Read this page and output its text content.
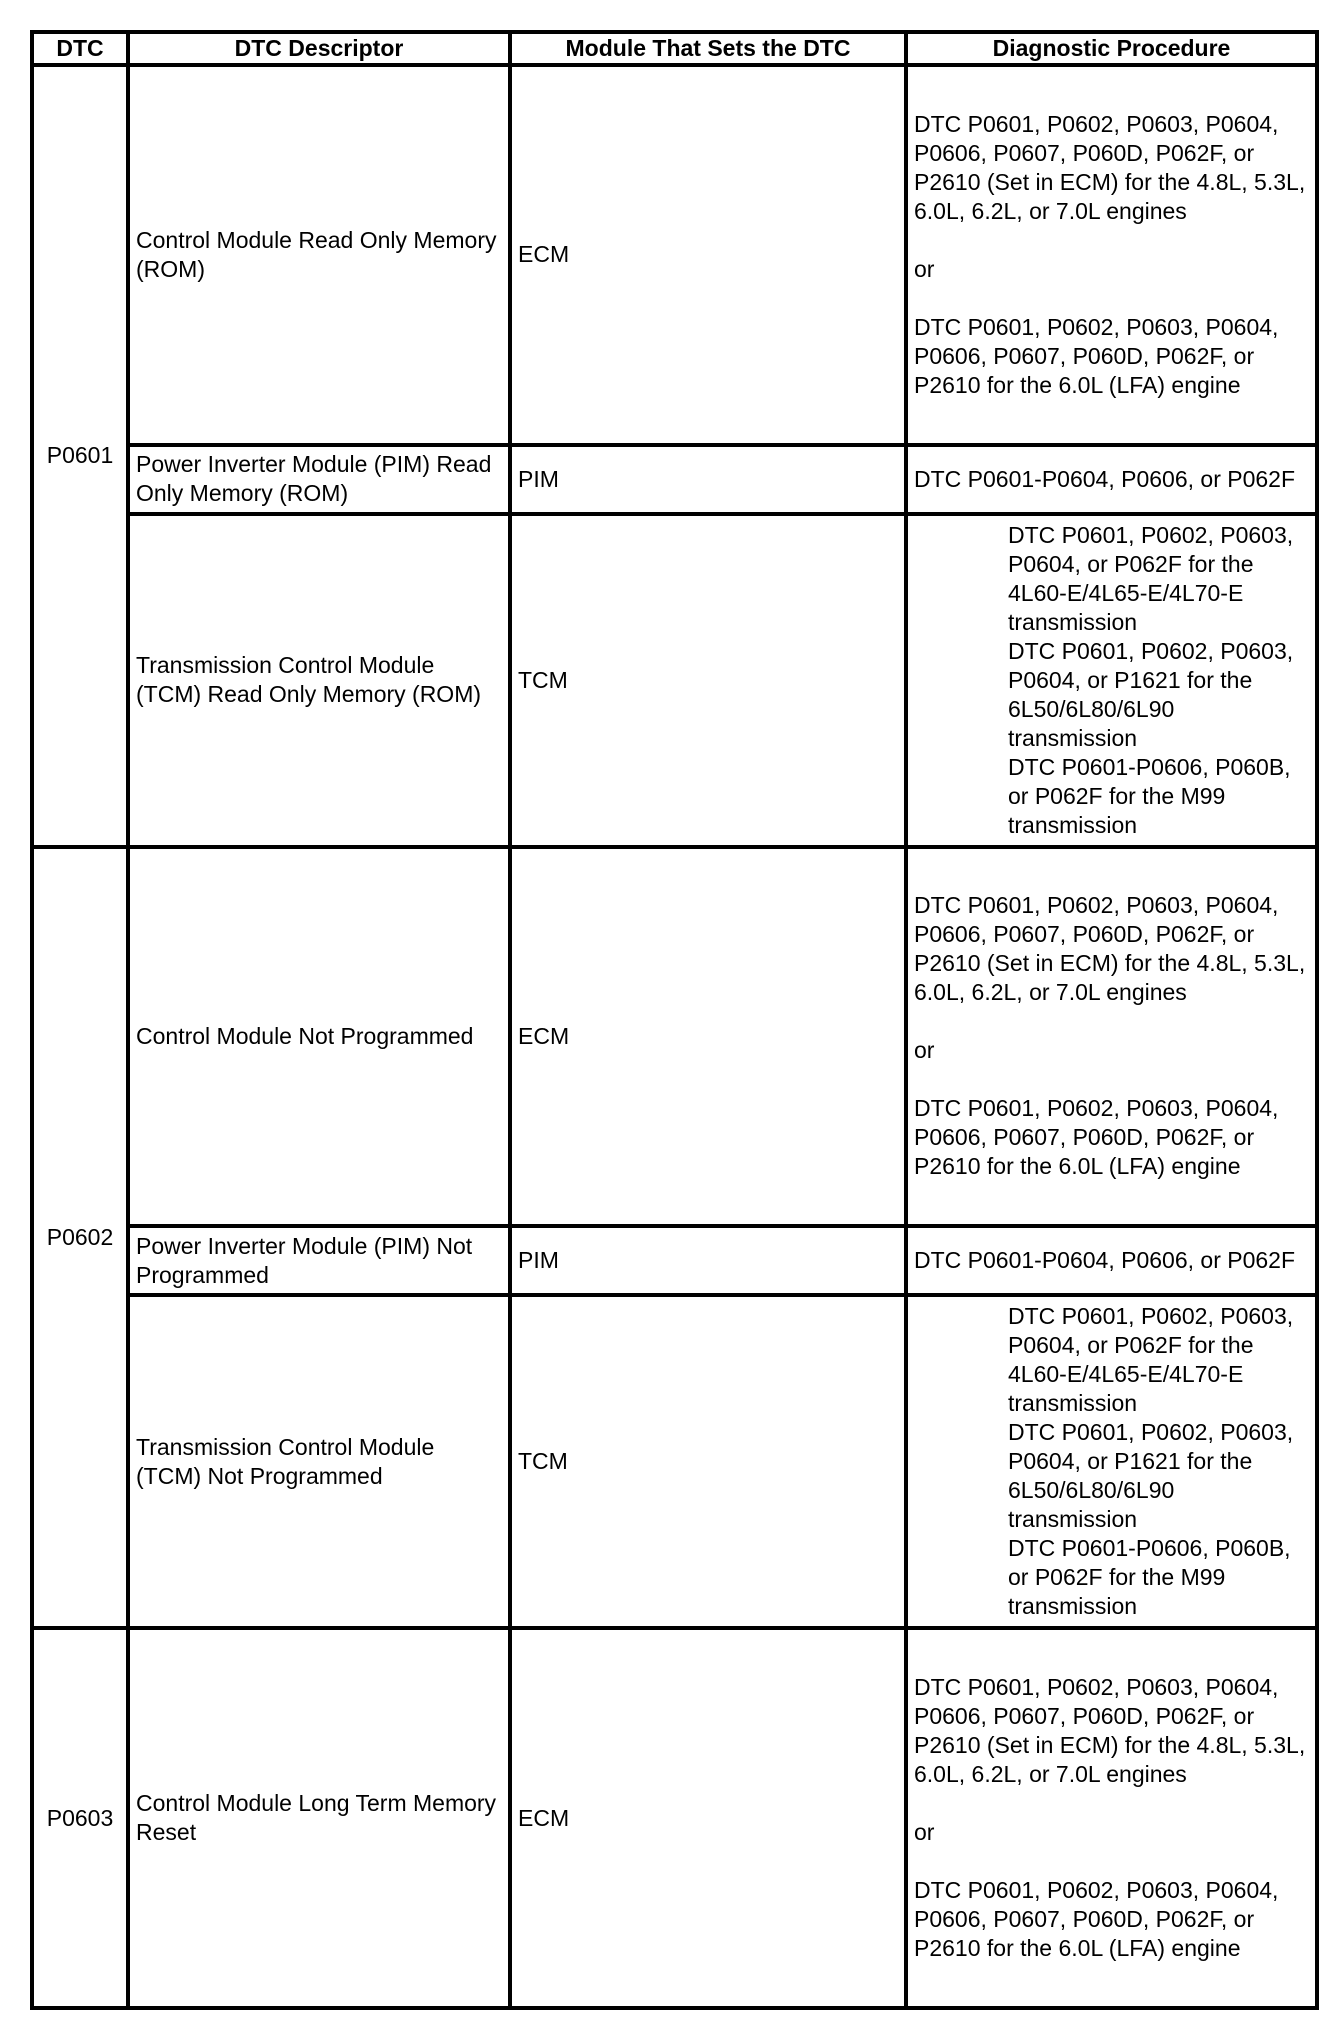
DTC	DTC Descriptor	Module That Sets the DTC	Diagnostic Procedure
P0601	Control Module Read Only Memory (ROM)	ECM	DTC P0601, P0602, P0603, P0604, P0606, P0607, P060D, P062F, or P2610 (Set in ECM) for the 4.8L, 5.3L, 6.0L, 6.2L, or 7.0L engines
or
DTC P0601, P0602, P0603, P0604, P0606, P0607, P060D, P062F, or P2610 for the 6.0L (LFA) engine

	Power Inverter Module (PIM) Read Only Memory (ROM)	PIM	DTC P0601-P0604, P0606, or P062F
	Transmission Control Module (TCM) Read Only Memory (ROM)	TCM	DTC P0601, P0602, P0603, P0604, or P062F for the 4L60-E/4L65-E/4L70-E transmission
DTC P0601, P0602, P0603, P0604, or P1621 for the 6L50/6L80/6L90 transmission
DTC P0601-P0606, P060B, or P062F for the M99 transmission

P0602	Control Module Not Programmed	ECM	DTC P0601, P0602, P0603, P0604, P0606, P0607, P060D, P062F, or P2610 (Set in ECM) for the 4.8L, 5.3L, 6.0L, 6.2L, or 7.0L engines
or
DTC P0601, P0602, P0603, P0604, P0606, P0607, P060D, P062F, or P2610 for the 6.0L (LFA) engine

	Power Inverter Module (PIM) Not Programmed	PIM	DTC P0601-P0604, P0606, or P062F
	Transmission Control Module (TCM) Not Programmed	TCM	DTC P0601, P0602, P0603, P0604, or P062F for the 4L60-E/4L65-E/4L70-E transmission
DTC P0601, P0602, P0603, P0604, or P1621 for the 6L50/6L80/6L90 transmission
DTC P0601-P0606, P060B, or P062F for the M99 transmission

P0603	Control Module Long Term Memory Reset	ECM	DTC P0601, P0602, P0603, P0604, P0606, P0607, P060D, P062F, or P2610 (Set in ECM) for the 4.8L, 5.3L, 6.0L, 6.2L, or 7.0L engines
or
DTC P0601, P0602, P0603, P0604, P0606, P0607, P060D, P062F, or P2610 for the 6.0L (LFA) engine
